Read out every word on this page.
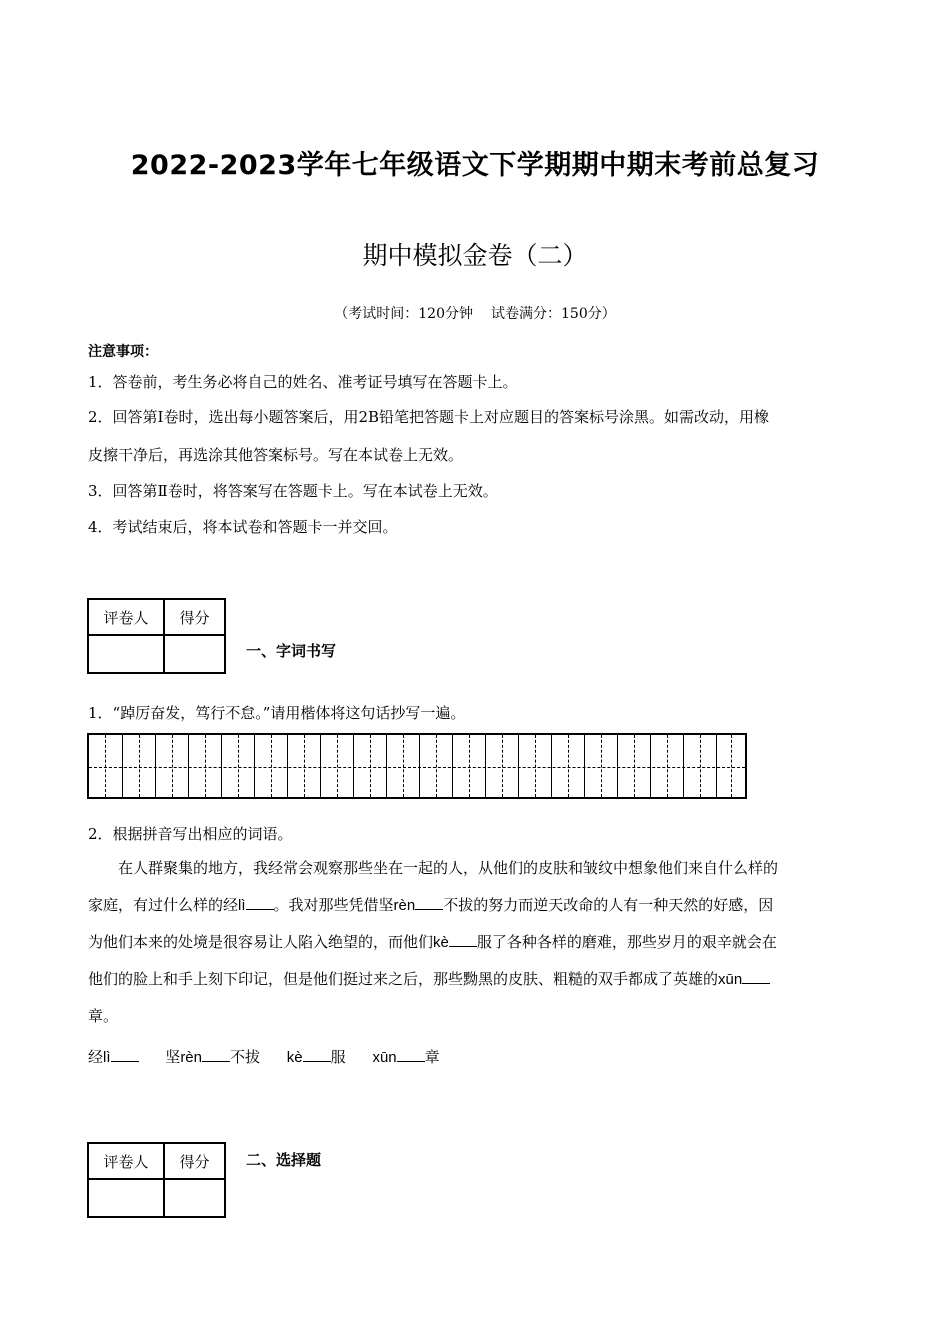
2022-2023学年七年级语文下学期期中期末考前总复习
期中模拟金卷（二）
（考试时间：120分钟 试卷满分：150分）
注意事项：
1．答卷前，考生务必将自己的姓名、准考证号填写在答题卡上。
2．回答第Ⅰ卷时，选出每小题答案后，用2B铅笔把答题卡上对应题目的答案标号涂黑。如需改动，用橡
皮擦干净后，再选涂其他答案标号。写在本试卷上无效。
3．回答第Ⅱ卷时，将答案写在答题卡上。写在本试卷上无效。
4．考试结束后，将本试卷和答题卡一并交回。
评卷人	得分

一、字词书写
1．“踔厉奋发，笃行不怠。”请用楷体将这句话抄写一遍。
2．根据拼音写出相应的词语。
在人群聚集的地方，我经常会观察那些坐在一起的人，从他们的皮肤和皱纹中想象他们来自什么样的
家庭，有过什么样的经lì 。我对那些凭借坚rèn 不拔的努力而逆天改命的人有一种天然的好感，因
为他们本来的处境是很容易让人陷入绝望的，而他们kè 服了各种各样的磨难，那些岁月的艰辛就会在
他们的脸上和手上刻下印记，但是他们挺过来之后，那些黝黑的皮肤、粗糙的双手都成了英雄的xūn
章。
经lì	坚rèn 不拔 kè 服 xūn 章
评卷人	得分
	二、选择题
